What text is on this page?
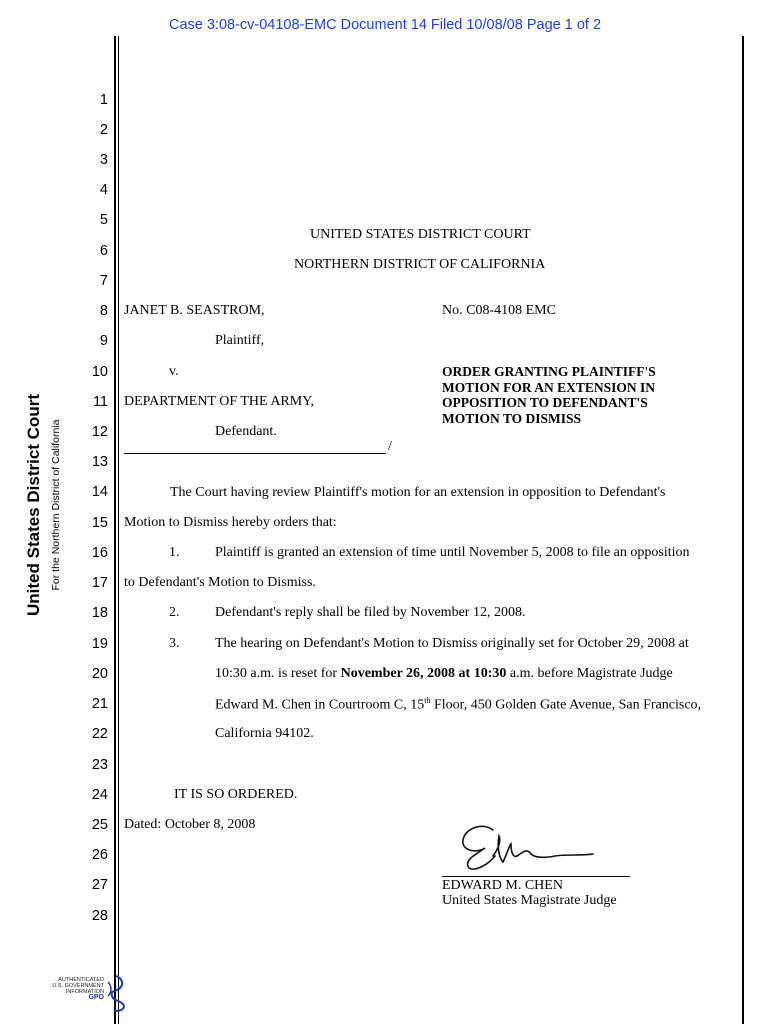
Case 3:08-cv-04108-EMC Document 14 Filed 10/08/08 Page 1 of 2
United States District Court For the Northern District of California
1
2
3
4
5
6
7
8
9
10
11
12
13
14
15
16
17
18
19
20
21
22
23
24
25
26
27
28
UNITED STATES DISTRICT COURT
NORTHERN DISTRICT OF CALIFORNIA
JANET B. SEASTROM,
Plaintiff,
v.
DEPARTMENT OF THE ARMY,
Defendant.
/
No. C08-4108 EMC
ORDER GRANTING PLAINTIFF'S
MOTION FOR AN EXTENSION IN
OPPOSITION TO DEFENDANT'S
MOTION TO DISMISS
The Court having review Plaintiff's motion for an extension in opposition to Defendant's
Motion to Dismiss hereby orders that:
1.	Plaintiff is granted an extension of time until November 5, 2008 to file an opposition
to Defendant's Motion to Dismiss.
2.	Defendant's reply shall be filed by November 12, 2008.
3.	The hearing on Defendant's Motion to Dismiss originally set for October 29, 2008 at
10:30 a.m. is reset for November 26, 2008 at 10:30 a.m. before Magistrate Judge
Edward M. Chen in Courtroom C, 15th Floor, 450 Golden Gate Avenue, San Francisco,
California 94102.
IT IS SO ORDERED.
Dated: October 8, 2008
EDWARD M. CHEN
United States Magistrate Judge
AUTHENTICATED
U.S. GOVERNMENT
INFORMATION
GPO
